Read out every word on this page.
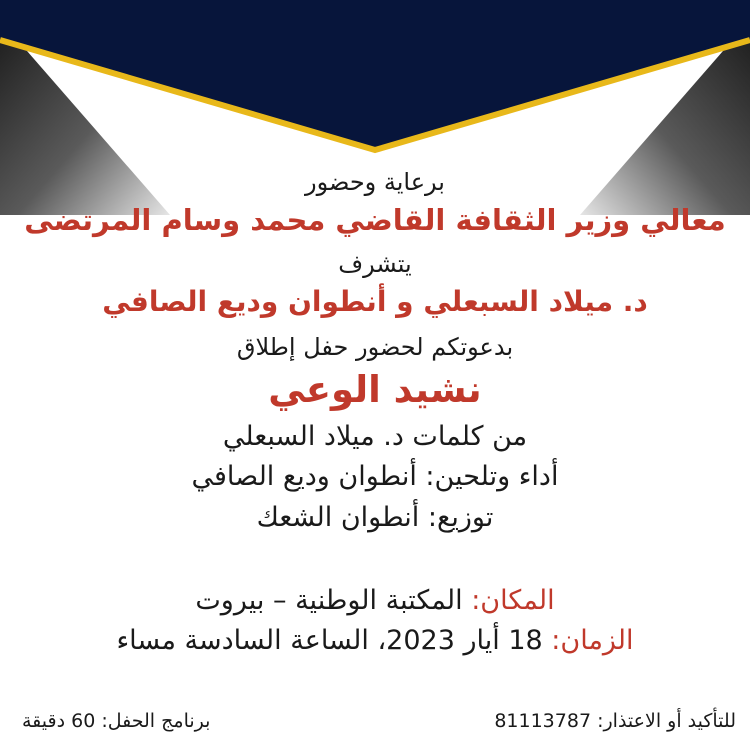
برعاية وحضور
معالي وزير الثقافة القاضي محمد وسام المرتضى
يتشرف
د. ميلاد السبعلي و أنطوان وديع الصافي
بدعوتكم لحضور حفل إطلاق
نشيد الوعي
من كلمات د. ميلاد السبعلي
أداء وتلحين: أنطوان وديع الصافي
توزيع: أنطوان الشعك
المكان: المكتبة الوطنية – بيروت
الزمان: 18 أيار 2023، الساعة السادسة مساء
للتأكيد أو الاعتذار: 81113787
برنامج الحفل: 60 دقيقة
